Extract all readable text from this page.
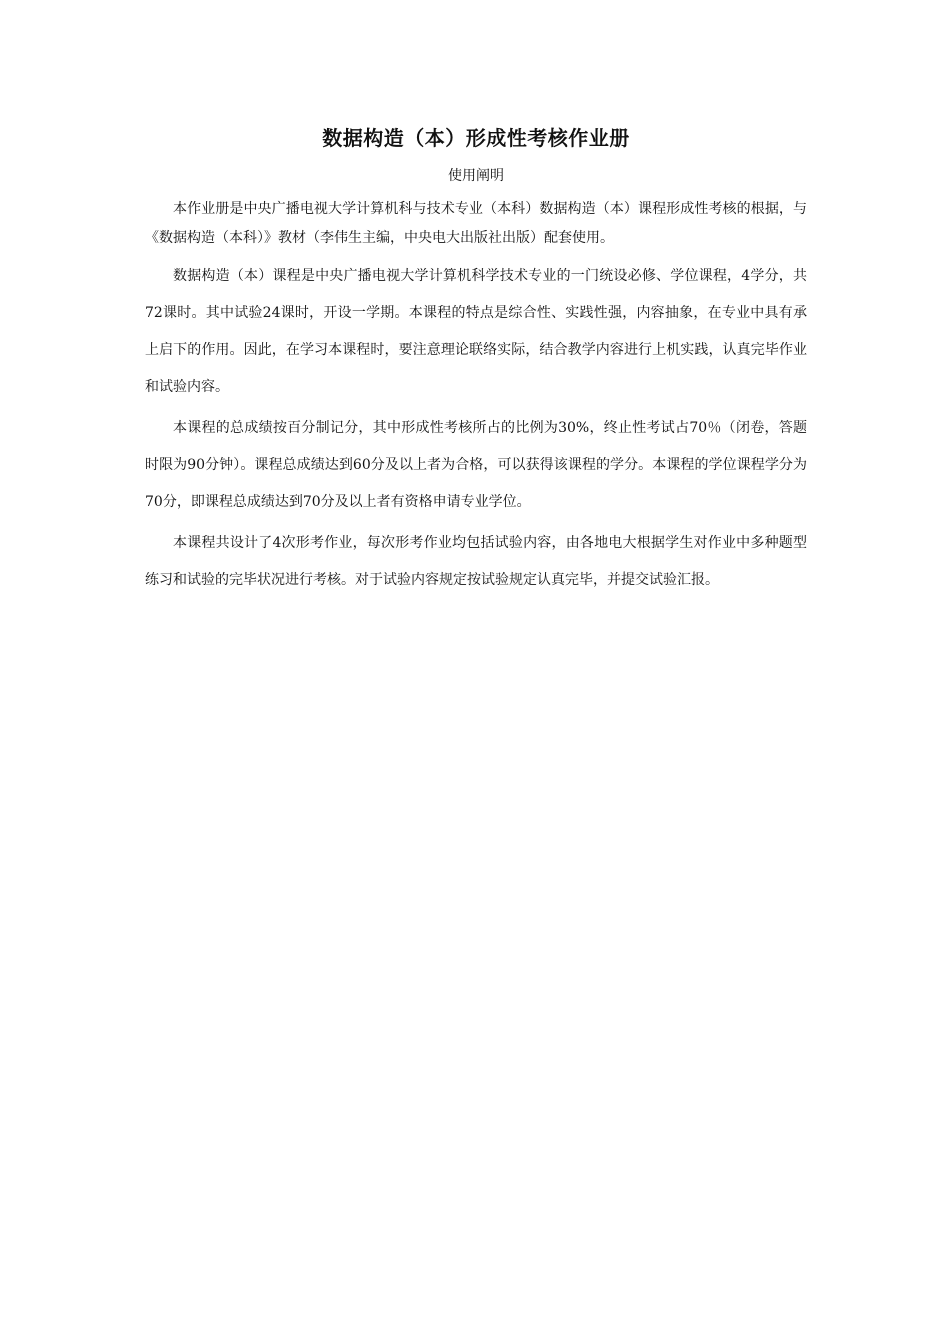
数据构造（本）形成性考核作业册
使用阐明

本作业册是中央广播电视大学计算机科与技术专业（本科）数据构造（本）课程形成性考核的根据，与《数据构造（本科）》教材（李伟生主编，中央电大出版社出版）配套使用。

数据构造（本）课程是中央广播电视大学计算机科学技术专业的一门统设必修、学位课程，4学分，共72课时。其中试验24课时，开设一学期。本课程的特点是综合性、实践性强，内容抽象，在专业中具有承上启下的作用。因此，在学习本课程时，要注意理论联络实际，结合教学内容进行上机实践，认真完毕作业和试验内容。

本课程的总成绩按百分制记分，其中形成性考核所占的比例为30%，终止性考试占70％（闭卷，答题时限为90分钟）。课程总成绩达到60分及以上者为合格，可以获得该课程的学分。本课程的学位课程学分为70分，即课程总成绩达到70分及以上者有资格申请专业学位。

本课程共设计了4次形考作业，每次形考作业均包括试验内容，由各地电大根据学生对作业中多种题型练习和试验的完毕状况进行考核。对于试验内容规定按试验规定认真完毕，并提交试验汇报。
